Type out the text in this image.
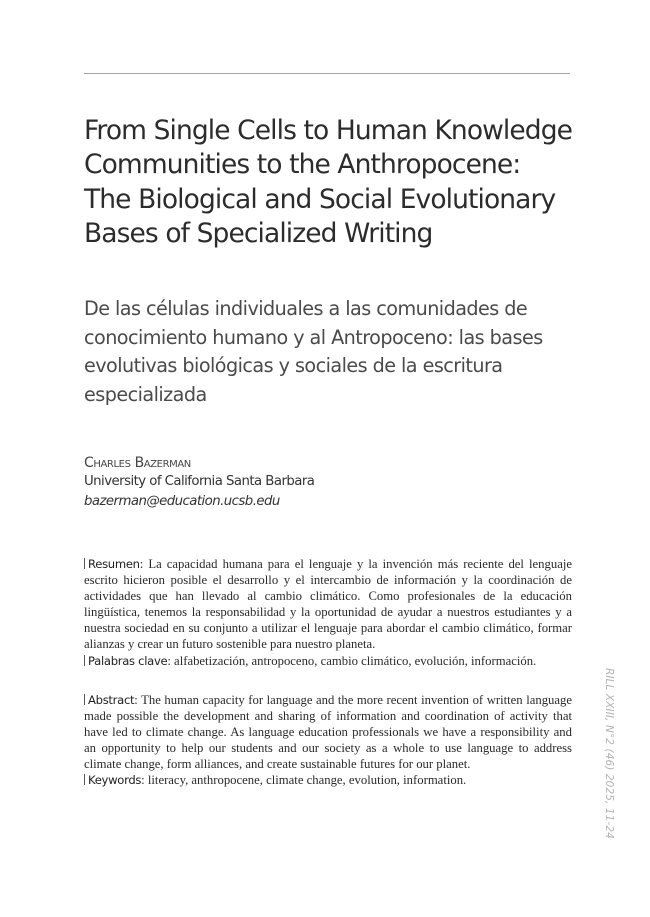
From Single Cells to Human Knowledge
Communities to the Anthropocene:
The Biological and Social Evolutionary
Bases of Specialized Writing
De las células individuales a las comunidades de
conocimiento humano y al Antropoceno: las bases
evolutivas biológicas y sociales de la escritura
especializada
Charles Bazerman
University of California Santa Barbara
bazerman@education.ucsb.edu

Resumen: La capacidad humana para el lenguaje y la invención más reciente del lenguaje escrito hicieron posible el desarrollo y el intercambio de información y la coordinación de actividades que han llevado al cambio climático. Como profesionales de la educación lingüística, tenemos la responsabilidad y la oportunidad de ayudar a nuestros estudiantes y a nuestra sociedad en su conjunto a utilizar el lenguaje para abordar el cambio climático, formar alianzas y crear un futuro sostenible para nuestro planeta.

Palabras clave: alfabetización, antropoceno, cambio climático, evolución, información.

Abstract: The human capacity for language and the more recent invention of written language made possible the development and sharing of information and coordination of activity that have led to climate change. As language education professionals we have a responsibility and an opportunity to help our students and our society as a whole to use language to address climate change, form alliances, and create sustainable futures for our planet.

Keywords: literacy, anthropocene, climate change, evolution, information.	RILL XXIII, N°2 (46) 2025, 11-24
